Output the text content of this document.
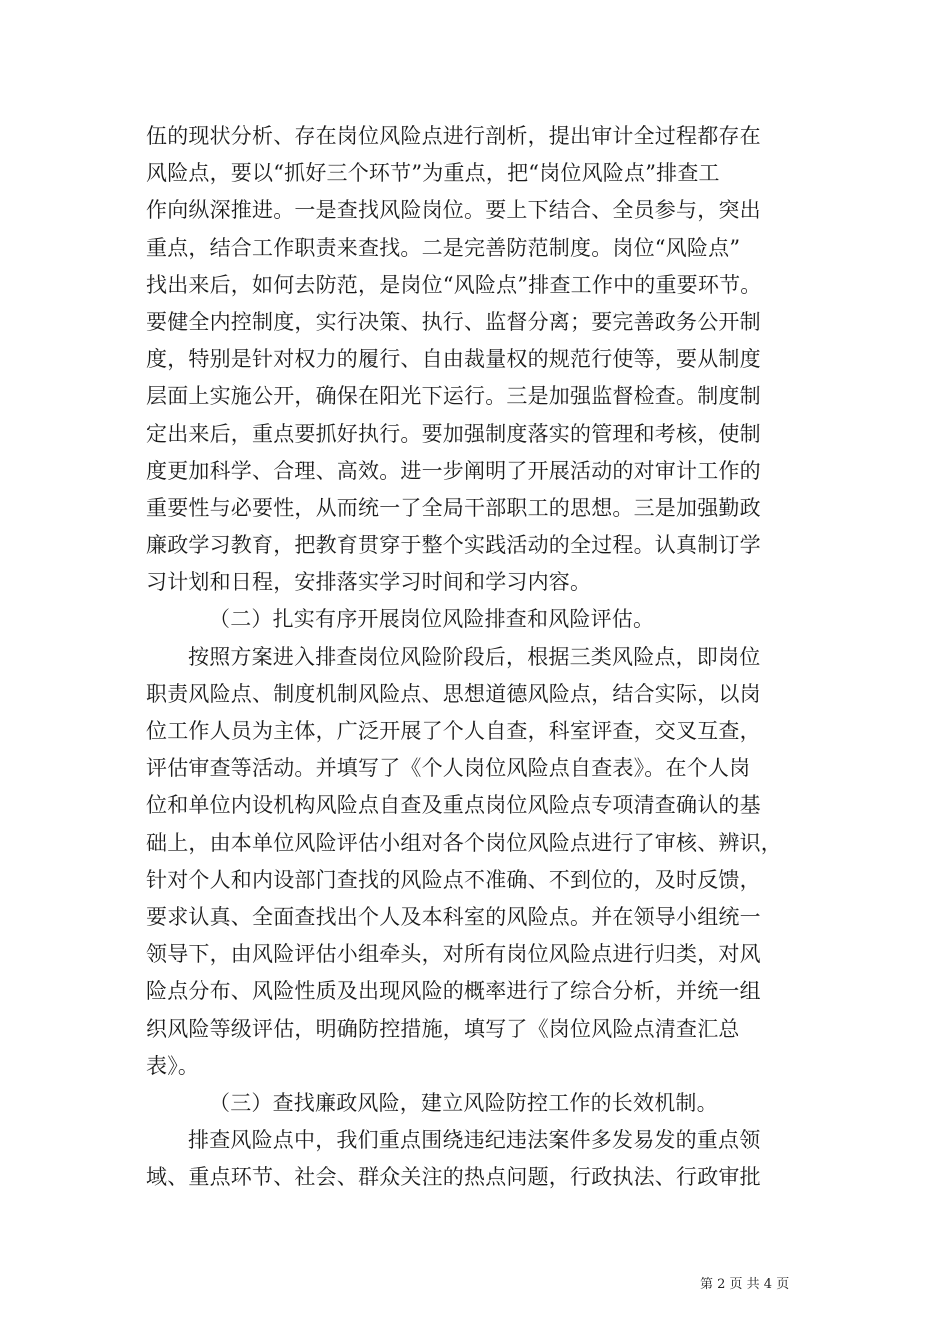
伍的现状分析、存在岗位风险点进行剖析，提出审计全过程都存在
风险点，要以“抓好三个环节”为重点，把“岗位风险点”排查工
作向纵深推进。一是查找风险岗位。要上下结合、全员参与，突出
重点，结合工作职责来查找。二是完善防范制度。岗位“风险点”
找出来后，如何去防范，是岗位“风险点”排查工作中的重要环节。
要健全内控制度，实行决策、执行、监督分离；要完善政务公开制
度，特别是针对权力的履行、自由裁量权的规范行使等，要从制度
层面上实施公开，确保在阳光下运行。三是加强监督检查。制度制
定出来后，重点要抓好执行。要加强制度落实的管理和考核，使制
度更加科学、合理、高效。进一步阐明了开展活动的对审计工作的
重要性与必要性，从而统一了全局干部职工的思想。三是加强勤政
廉政学习教育，把教育贯穿于整个实践活动的全过程。认真制订学
习计划和日程，安排落实学习时间和学习内容。
（二）扎实有序开展岗位风险排查和风险评估。
按照方案进入排查岗位风险阶段后，根据三类风险点，即岗位
职责风险点、制度机制风险点、思想道德风险点，结合实际，以岗
位工作人员为主体，广泛开展了个人自查，科室评查，交叉互查，
评估审查等活动。并填写了《个人岗位风险点自查表》。在个人岗
位和单位内设机构风险点自查及重点岗位风险点专项清查确认的基
础上，由本单位风险评估小组对各个岗位风险点进行了审核、辨识，
针对个人和内设部门查找的风险点不准确、不到位的，及时反馈，
要求认真、全面查找出个人及本科室的风险点。并在领导小组统一
领导下，由风险评估小组牵头，对所有岗位风险点进行归类，对风
险点分布、风险性质及出现风险的概率进行了综合分析，并统一组
织风险等级评估，明确防控措施，填写了《岗位风险点清查汇总
表》。
（三）查找廉政风险，建立风险防控工作的长效机制。
排查风险点中，我们重点围绕违纪违法案件多发易发的重点领
域、重点环节、社会、群众关注的热点问题，行政执法、行政审批
第 2 页 共 4 页
